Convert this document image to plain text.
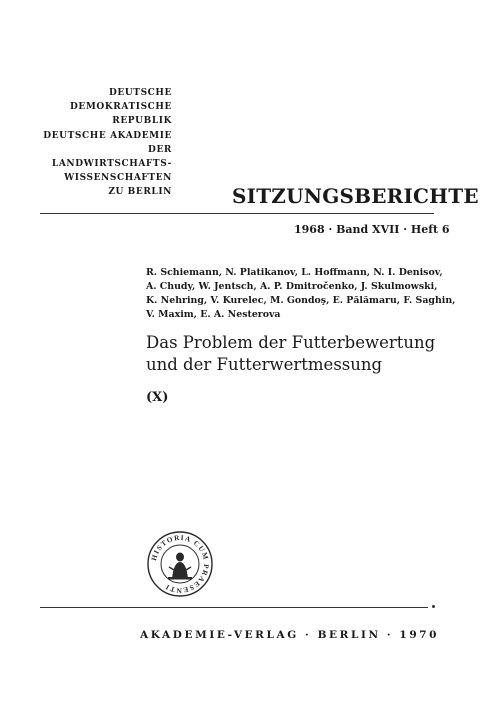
DEUTSCHE
DEMOKRATISCHE
REPUBLIK
DEUTSCHE AKADEMIE
DER
LANDWIRTSCHAFTS-
WISSENSCHAFTEN
ZU BERLIN	SITZUNGSBERICHTE
1968 · Band XVII · Heft 6
R. Schiemann, N. Platikanov, L. Hoffmann, N. I. Denisov,
A. Chudy, W. Jentsch, A. P. Dmitročenko, J. Skulmowski,
K. Nehring, V. Kurelec, M. Gondoş, E. Pălămaru, F. Saghin,
V. Maxim, E. A. Nesterova
Das Problem der Futterbewertung
und der Futterwertmessung
(X)
HISTORIA CUM PRAESENTI
AKADEMIE-VERLAG · BERLIN · 1970
